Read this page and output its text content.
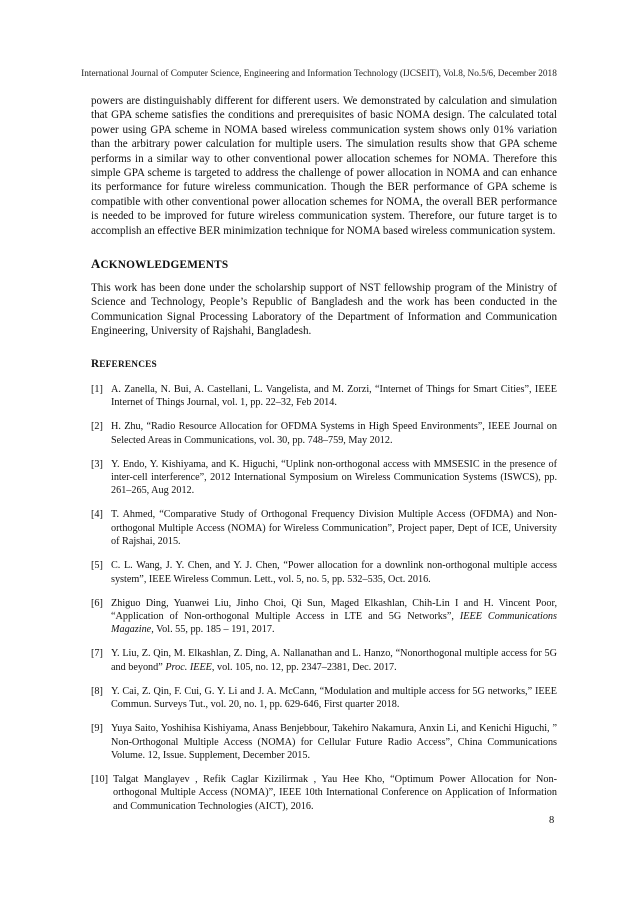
International Journal of Computer Science, Engineering and Information Technology (IJCSEIT), Vol.8, No.5/6, December 2018

powers are distinguishably different for different users. We demonstrated by calculation and simulation that GPA scheme satisfies the conditions and prerequisites of basic NOMA design. The calculated total power using GPA scheme in NOMA based wireless communication system shows only 01% variation than the arbitrary power calculation for multiple users. The simulation results show that GPA scheme performs in a similar way to other conventional power allocation schemes for NOMA. Therefore this simple GPA scheme is targeted to address the challenge of power allocation in NOMA and can enhance its performance for future wireless communication. Though the BER performance of GPA scheme is compatible with other conventional power allocation schemes for NOMA, the overall BER performance is needed to be improved for future wireless communication system. Therefore, our future target is to accomplish an effective BER minimization technique for NOMA based wireless communication system.

ACKNOWLEDGEMENTS

This work has been done under the scholarship support of NST fellowship program of the Ministry of Science and Technology, People’s Republic of Bangladesh and the work has been conducted in the Communication Signal Processing Laboratory of the Department of Information and Communication Engineering, University of Rajshahi, Bangladesh.

REFERENCES
[1] A. Zanella, N. Bui, A. Castellani, L. Vangelista, and M. Zorzi, “Internet of Things for Smart Cities”, IEEE Internet of Things Journal, vol. 1, pp. 22–32, Feb 2014.
[2] H. Zhu, “Radio Resource Allocation for OFDMA Systems in High Speed Environments”, IEEE Journal on Selected Areas in Communications, vol. 30, pp. 748–759, May 2012.
[3] Y. Endo, Y. Kishiyama, and K. Higuchi, “Uplink non-orthogonal access with MMSESIC in the presence of inter-cell interference”, 2012 International Symposium on Wireless Communication Systems (ISWCS), pp. 261–265, Aug 2012.
[4] T. Ahmed, “Comparative Study of Orthogonal Frequency Division Multiple Access (OFDMA) and Non-orthogonal Multiple Access (NOMA) for Wireless Communication”, Project paper, Dept of ICE, University of Rajshai, 2015.
[5] C. L. Wang, J. Y. Chen, and Y. J. Chen, “Power allocation for a downlink non-orthogonal multiple access system”, IEEE Wireless Commun. Lett., vol. 5, no. 5, pp. 532–535, Oct. 2016.
[6] Zhiguo Ding, Yuanwei Liu, Jinho Choi, Qi Sun, Maged Elkashlan, Chih-Lin I and H. Vincent Poor, “Application of Non-orthogonal Multiple Access in LTE and 5G Networks”, IEEE Communications Magazine, Vol. 55, pp. 185 – 191, 2017.
[7] Y. Liu, Z. Qin, M. Elkashlan, Z. Ding, A. Nallanathan and L. Hanzo, “Nonorthogonal multiple access for 5G and beyond” Proc. IEEE, vol. 105, no. 12, pp. 2347–2381, Dec. 2017.
[8] Y. Cai, Z. Qin, F. Cui, G. Y. Li and J. A. McCann, “Modulation and multiple access for 5G networks,” IEEE Commun. Surveys Tut., vol. 20, no. 1, pp. 629-646, First quarter 2018.
[9] Yuya Saito, Yoshihisa Kishiyama, Anass Benjebbour, Takehiro Nakamura, Anxin Li, and Kenichi Higuchi, ” Non-Orthogonal Multiple Access (NOMA) for Cellular Future Radio Access”, China Communications Volume. 12, Issue. Supplement, December 2015.
[10] Talgat Manglayev , Refik Caglar Kizilirmak , Yau Hee Kho, “Optimum Power Allocation for Non-orthogonal Multiple Access (NOMA)”, IEEE 10th International Conference on Application of Information and Communication Technologies (AICT), 2016.
8
